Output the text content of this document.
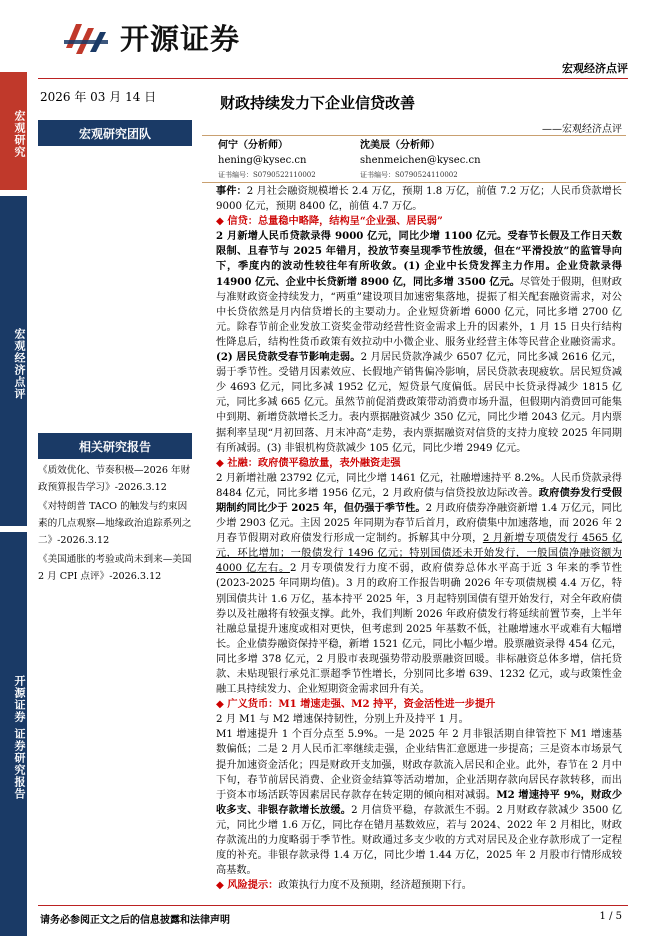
开源证券
宏观经济点评
宏观研究
宏观经济点评
开源证券 证券研究报告
2026 年 03 月 14 日
宏观研究团队
相关研究报告

《质效优化、节奏积极—2026 年财政预算报告学习》-2026.3.12

《对特朗普 TACO 的触发与约束因素的几点观察—地缘政治追踪系列之二》-2026.3.12

《美国通胀的考验或尚未到来—美国2 月 CPI 点评》-2026.3.12

财政持续发力下企业信贷改善
——宏观经济点评
何宁（分析师）
hening@kysec.cn
证书编号：S0790522110002
沈美辰（分析师）
shenmeichen@kysec.cn
证书编号：S0790524110002

事件：2 月社会融资规模增长 2.4 万亿，预期 1.8 万亿，前值 7.2 万亿；人民币贷款增长 9000 亿元，预期 8400 亿，前值 4.7 万亿。

◆ 信贷：总量稳中略降，结构呈“企业强、居民弱”

2 月新增人民币贷款录得 9000 亿元，同比少增 1100 亿元。受春节长假及工作日天数限制、且春节与 2025 年错月，投放节奏呈现季节性放缓，但在“平滑投放”的监管导向下，季度内的波动性较往年有所收敛。(1) 企业中长贷发挥主力作用。企业贷款录得 14900 亿元、企业中长贷新增 8900 亿，同比多增 3500 亿元。尽管处于假期，但财政与准财政资金持续发力，“两重”建设项目加速密集落地，提振了相关配套融资需求，对公中长贷依然是月内信贷增长的主要动力。企业短贷新增 6000 亿元，同比多增 2700 亿元。除春节前企业发放工资奖金带动经营性资金需求上升的因素外，1 月 15 日央行结构性降息后，结构性货币政策有效拉动中小微企业、服务业经营主体等民营企业融资需求。(2) 居民贷款受春节影响走弱。2 月居民贷款净减少 6507 亿元，同比多减 2616 亿元，弱于季节性。受错月因素效应、长假地产销售偏冷影响，居民贷款表现疲软。居民短贷减少 4693 亿元，同比多减 1952 亿元，短贷景气度偏低。居民中长贷录得减少 1815 亿元，同比多减 665 亿元。虽然节前促消费政策带动消费市场升温，但假期内消费回可能集中到期、新增贷款增长乏力。表内票据融资减少 350 亿元，同比少增 2043 亿元。月内票据利率呈现“月初回落、月末冲高”走势，表内票据融资对信贷的支持力度较 2025 年同期有所减弱。(3) 非银机构贷款减少 105 亿元，同比少增 2949 亿元。

◆ 社融：政府债平稳放量，表外融资走强

2 月新增社融 23792 亿元，同比少增 1461 亿元，社融增速持平 8.2%。人民币贷款录得 8484 亿元，同比多增 1956 亿元，2 月政府债与信贷投放边际改善。政府债券发行受假期制约同比少于 2025 年，但仍强于季节性。2 月政府债券净融资新增 1.4 万亿元，同比少增 2903 亿元。主因 2025 年同期为春节后首月，政府债集中加速落地，而 2026 年 2 月春节假期对政府债发行形成一定制约。拆解其中分项，2 月新增专项债发行 4565 亿元，环比增加；一般债发行 1496 亿元；特别国债还未开始发行，一般国债净融资额为 4000 亿左右。2 月专项债发行力度不弱，政府债券总体水平高于近 3 年来的季节性 (2023-2025 年同期均值)。3 月的政府工作报告明确 2026 年专项债规模 4.4 万亿，特别国债共计 1.6 万亿，基本持平 2025 年，3 月起特别国债有望开始发行，对全年政府债券以及社融将有较强支撑。此外，我们判断 2026 年政府债发行将延续前置节奏，上半年社融总量提升速度或相对更快，但考虑到 2025 年基数不低，社融增速水平或难有大幅增长。企业债券融资保持平稳，新增 1521 亿元，同比小幅少增。股票融资录得 454 亿元，同比多增 378 亿元，2 月股市表现强势带动股票融资回暖。非标融资总体多增，信托贷款、未贴现银行承兑汇票超季节性增长，分别同比多增 639、1232 亿元，或与政策性金融工具持续发力、企业短期资金需求回升有关。

◆ 广义货币：M1 增速走强、M2 持平，资金活性进一步提升

2 月 M1 与 M2 增速保持韧性，分别上升及持平 1 月。

M1 增速提升 1 个百分点至 5.9%。一是 2025 年 2 月非银活期自律管控下 M1 增速基数偏低；二是 2 月人民币汇率继续走强，企业结售汇意愿进一步提高；三是资本市场景气提升加速资金活化；四是财政开支加强，财政存款流入居民和企业。此外，春节在 2 月中下旬，春节前居民消费、企业资金结算等活动增加，企业活期存款向居民存款转移，而出于资本市场活跃等因素居民存款存在转定期的倾向相对减弱。M2 增速持平 9%，财政少收多支、非银存款增长放缓。2 月信贷平稳，存款派生不弱。2 月财政存款减少 3500 亿元，同比少增 1.6 万亿，同比存在错月基数效应，若与 2024、2022 年 2 月相比，财政存款流出的力度略弱于季节性。财政通过多支少收的方式对居民及企业存款形成了一定程度的补充。非银存款录得 1.4 万亿，同比少增 1.44 万亿，2025 年 2 月股市行情形成较高基数。

◆ 风险提示：政策执行力度不及预期，经济超预期下行。

请务必参阅正文之后的信息披露和法律声明	1 / 5
